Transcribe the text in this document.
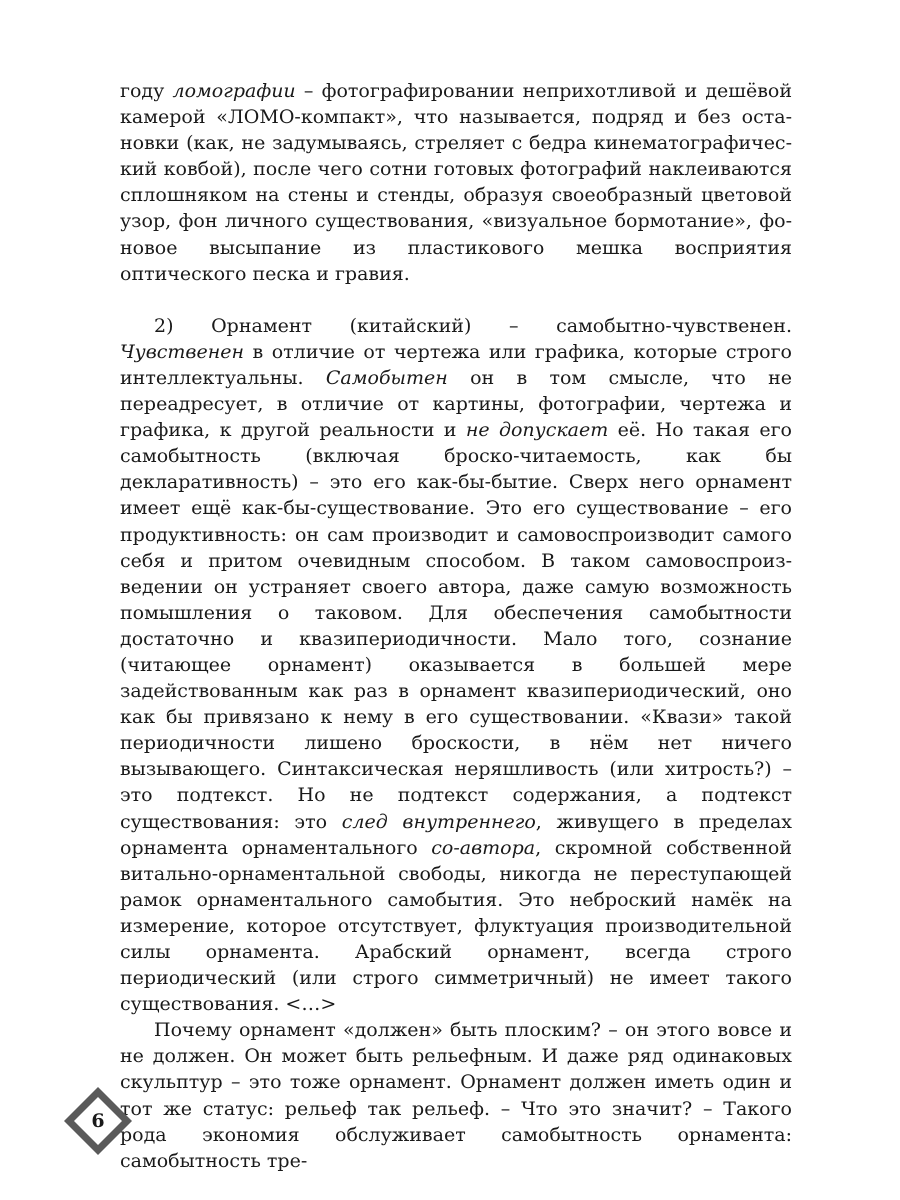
году ломографии – фотографировании неприхотливой и дешёвой камерой «ЛОМО-компакт», что называется, подряд и без остановки (как, не задумываясь, стреляет с бедра кинематографический ковбой), после чего сотни готовых фотографий наклеиваются сплошняком на стены и стенды, образуя своеобразный цветовой узор, фон личного существования, «визуальное бормотание», фоновое высыпание из пластикового мешка восприятия оптического песка и гравия.

2) Орнамент (китайский) – самобытно-чувственен. Чувственен в отличие от чертежа или графика, которые строго интеллектуальны. Самобытен он в том смысле, что не переадресует, в отличие от картины, фотографии, чертежа и графика, к другой реальности и не допускает её. Но такая его самобытность (включая броско-читаемость, как бы декларативность) – это его как-бы-бытие. Сверх него орнамент имеет ещё как-бы-существование. Это его существование – его продуктивность: он сам производит и самовоспроизводит самого себя и притом очевидным способом. В таком самовоспроизведении он устраняет своего автора, даже самую возможность помышления о таковом. Для обеспечения самобытности достаточно и квазипериодичности. Мало того, сознание (читающее орнамент) оказывается в большей мере задействованным как раз в орнамент квазипериодический, оно как бы привязано к нему в его существовании. «Квази» такой периодичности лишено броскости, в нём нет ничего вызывающего. Синтаксическая неряшливость (или хитрость?) – это подтекст. Но не подтекст содержания, а подтекст существования: это след внутреннего, живущего в пределах орнамента орнаментального со-автора, скромной собственной витально-орнаментальной свободы, никогда не переступающей рамок орнаментального самобытия. Это неброский намёк на измерение, которое отсутствует, флуктуация производительной силы орнамента. Арабский орнамент, всегда строго периодический (или строго симметричный) не имеет такого существования. <…>

Почему орнамент «должен» быть плоским? – он этого вовсе и не должен. Он может быть рельефным. И даже ряд одинаковых скульптур – это тоже орнамент. Орнамент должен иметь один и тот же статус: рельеф так рельеф. – Что это значит? – Такого рода экономия обслуживает самобытность орнамента: самобытность тре-

6
